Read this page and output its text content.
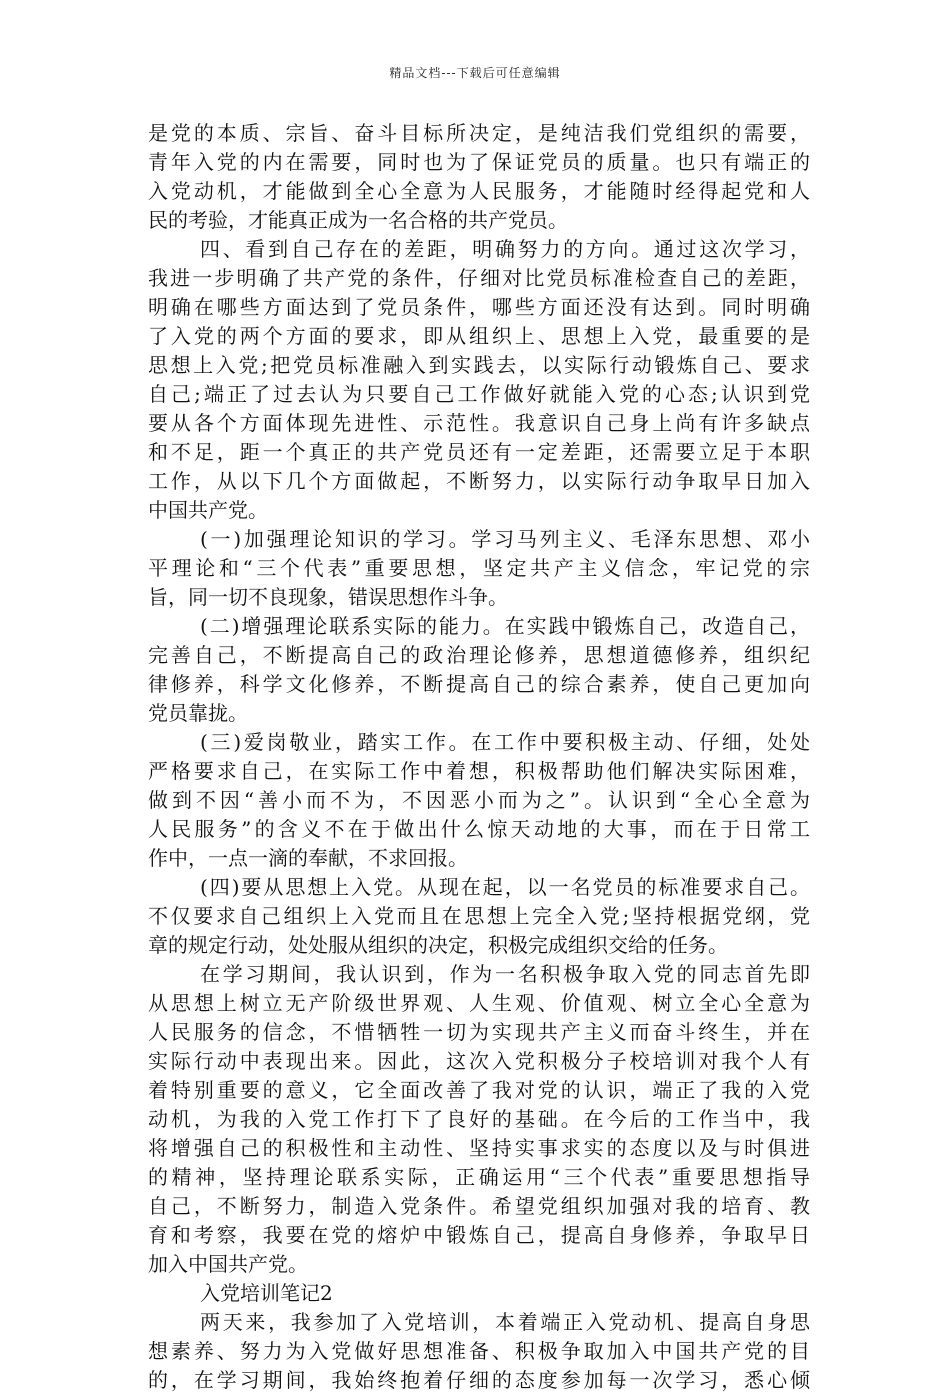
精品文档---下载后可任意编辑
是党的本质、宗旨、奋斗目标所决定，是纯洁我们党组织的需要，
青年入党的内在需要，同时也为了保证党员的质量。也只有端正的
入党动机，才能做到全心全意为人民服务，才能随时经得起党和人
民的考验，才能真正成为一名合格的共产党员。
四、看到自己存在的差距，明确努力的方向。通过这次学习，
我进一步明确了共产党的条件，仔细对比党员标准检查自己的差距，
明确在哪些方面达到了党员条件，哪些方面还没有达到。同时明确
了入党的两个方面的要求，即从组织上、思想上入党，最重要的是
思想上入党;把党员标准融入到实践去，以实际行动锻炼自己、要求
自己;端正了过去认为只要自己工作做好就能入党的心态;认识到党
要从各个方面体现先进性、示范性。我意识自己身上尚有许多缺点
和不足，距一个真正的共产党员还有一定差距，还需要立足于本职
工作，从以下几个方面做起，不断努力，以实际行动争取早日加入
中国共产党。
(一)加强理论知识的学习。学习马列主义、毛泽东思想、邓小
平理论和“三个代表”重要思想，坚定共产主义信念，牢记党的宗
旨，同一切不良现象，错误思想作斗争。
(二)增强理论联系实际的能力。在实践中锻炼自己，改造自己，
完善自己，不断提高自己的政治理论修养，思想道德修养，组织纪
律修养，科学文化修养，不断提高自己的综合素养，使自己更加向
党员靠拢。
(三)爱岗敬业，踏实工作。在工作中要积极主动、仔细，处处
严格要求自己，在实际工作中着想，积极帮助他们解决实际困难，
做到不因“善小而不为，不因恶小而为之”。认识到“全心全意为
人民服务”的含义不在于做出什么惊天动地的大事，而在于日常工
作中，一点一滴的奉献，不求回报。
(四)要从思想上入党。从现在起，以一名党员的标准要求自己。
不仅要求自己组织上入党而且在思想上完全入党;坚持根据党纲，党
章的规定行动，处处服从组织的决定，积极完成组织交给的任务。
在学习期间，我认识到，作为一名积极争取入党的同志首先即
从思想上树立无产阶级世界观、人生观、价值观、树立全心全意为
人民服务的信念，不惜牺牲一切为实现共产主义而奋斗终生，并在
实际行动中表现出来。因此，这次入党积极分子校培训对我个人有
着特别重要的意义，它全面改善了我对党的认识，端正了我的入党
动机，为我的入党工作打下了良好的基础。在今后的工作当中，我
将增强自己的积极性和主动性、坚持实事求实的态度以及与时俱进
的精神，坚持理论联系实际，正确运用“三个代表”重要思想指导
自己，不断努力，制造入党条件。希望党组织加强对我的培育、教
育和考察，我要在党的熔炉中锻炼自己，提高自身修养，争取早日
加入中国共产党。
入党培训笔记2
两天来，我参加了入党培训，本着端正入党动机、提高自身思
想素养、努力为入党做好思想准备、积极争取加入中国共产党的目
的，在学习期间，我始终抱着仔细的态度参加每一次学习，悉心倾
